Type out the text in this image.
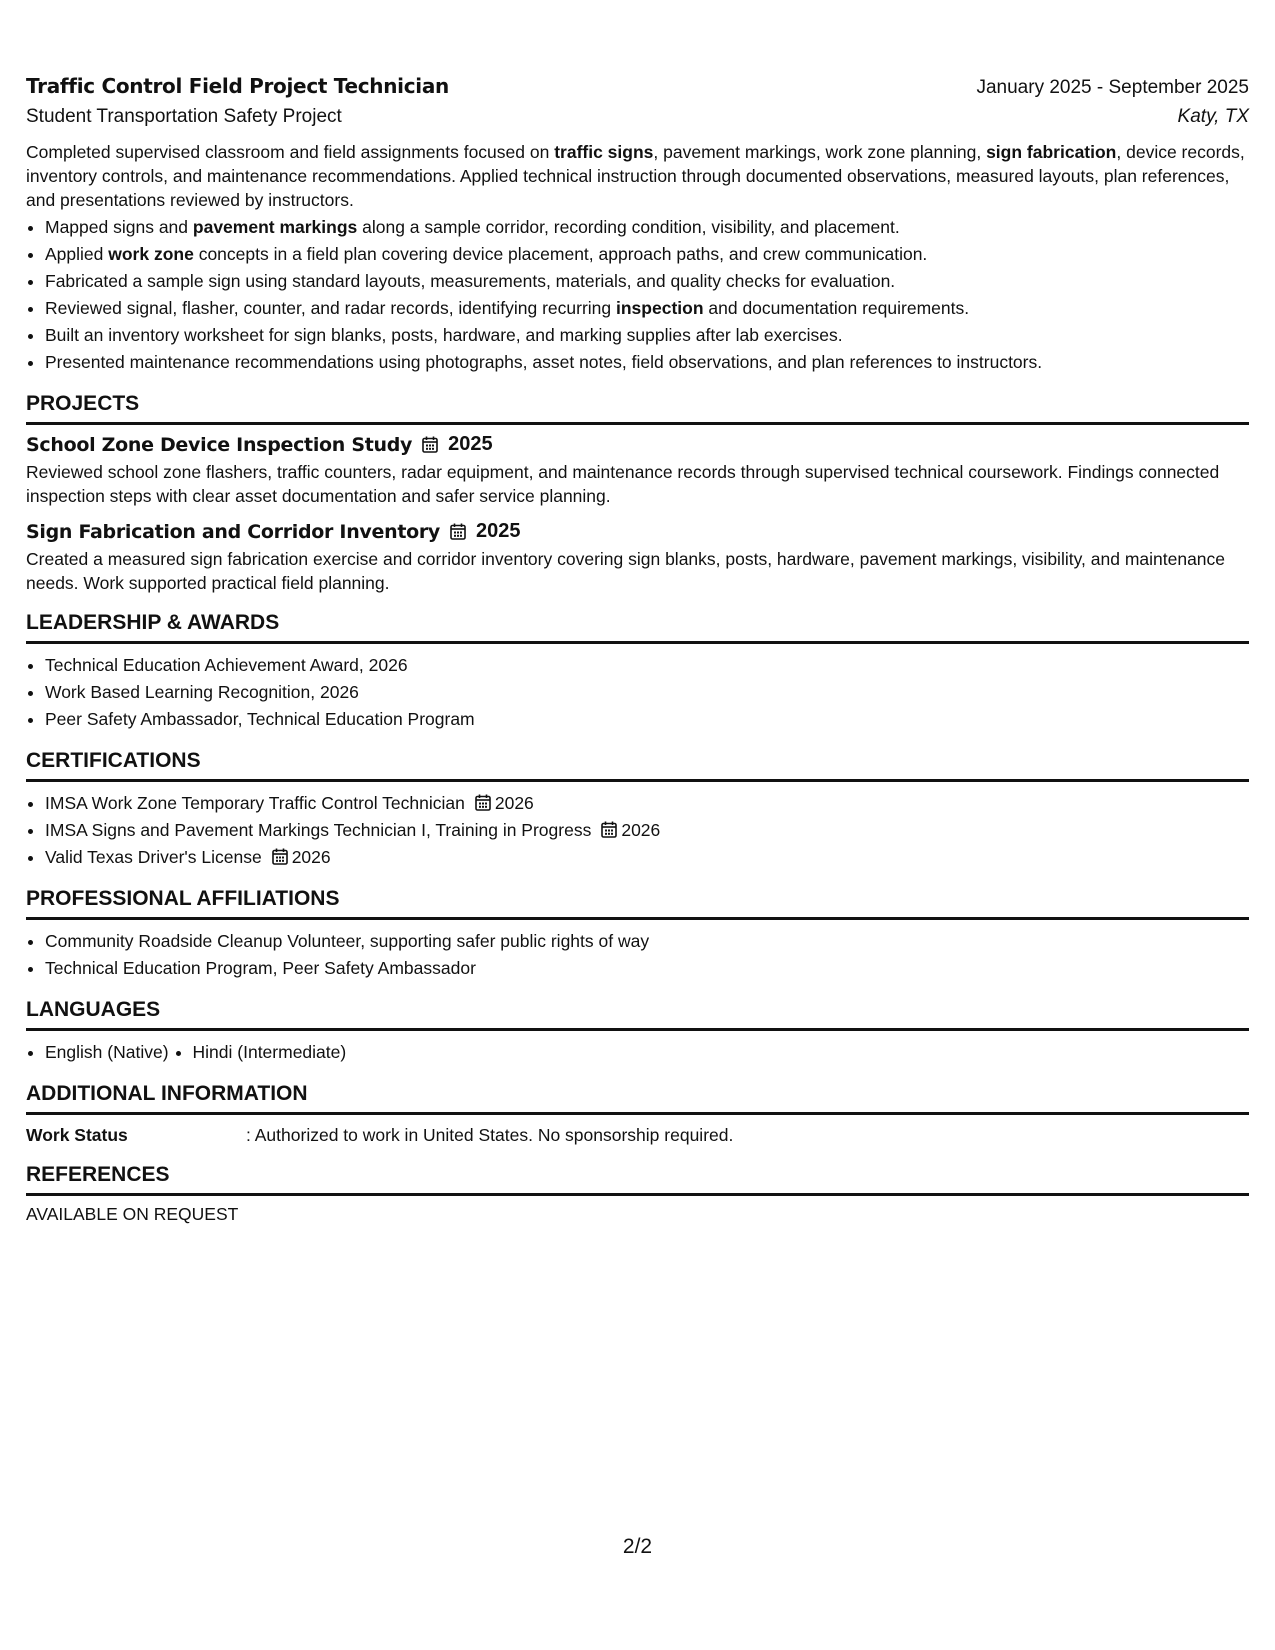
Traffic Control Field Project Technician	January 2025 - September 2025
Student Transportation Safety Project	Katy, TX
Completed supervised classroom and field assignments focused on traffic signs, pavement markings, work zone planning, sign fabrication, device records, inventory controls, and maintenance recommendations. Applied technical instruction through documented observations, measured layouts, plan references, and presentations reviewed by instructors.
• Mapped signs and pavement markings along a sample corridor, recording condition, visibility, and placement.
• Applied work zone concepts in a field plan covering device placement, approach paths, and crew communication.
• Fabricated a sample sign using standard layouts, measurements, materials, and quality checks for evaluation.
• Reviewed signal, flasher, counter, and radar records, identifying recurring inspection and documentation requirements.
• Built an inventory worksheet for sign blanks, posts, hardware, and marking supplies after lab exercises.
• Presented maintenance recommendations using photographs, asset notes, field observations, and plan references to instructors.
PROJECTS
School Zone Device Inspection Study 2025
Reviewed school zone flashers, traffic counters, radar equipment, and maintenance records through supervised technical coursework. Findings connected inspection steps with clear asset documentation and safer service planning.
Sign Fabrication and Corridor Inventory 2025
Created a measured sign fabrication exercise and corridor inventory covering sign blanks, posts, hardware, pavement markings, visibility, and maintenance needs. Work supported practical field planning.
LEADERSHIP & AWARDS
• Technical Education Achievement Award, 2026
• Work Based Learning Recognition, 2026
• Peer Safety Ambassador, Technical Education Program
CERTIFICATIONS
• IMSA Work Zone Temporary Traffic Control Technician 2026
• IMSA Signs and Pavement Markings Technician I, Training in Progress 2026
• Valid Texas Driver's License 2026
PROFESSIONAL AFFILIATIONS
• Community Roadside Cleanup Volunteer, supporting safer public rights of way
• Technical Education Program, Peer Safety Ambassador
LANGUAGES
• English (Native)
• Hindi (Intermediate)
ADDITIONAL INFORMATION
Work Status	: Authorized to work in United States. No sponsorship required.
REFERENCES
AVAILABLE ON REQUEST
2/2
